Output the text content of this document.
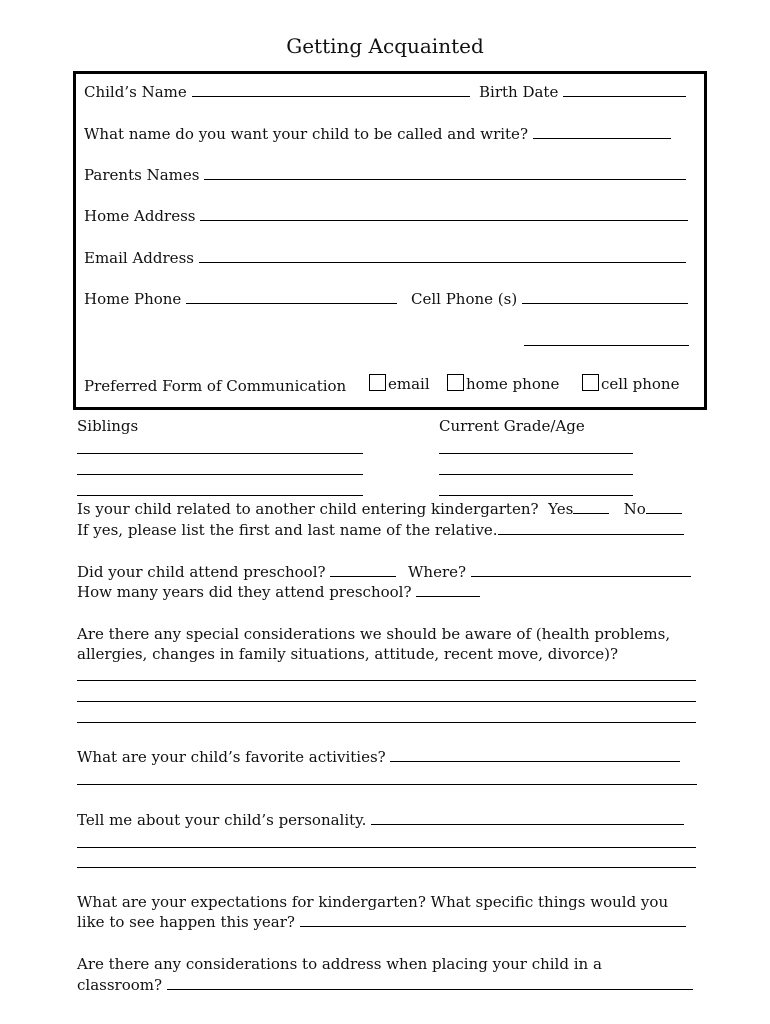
Getting Acquainted
Child’s Name	Birth Date
What name do you want your child to be called and write?
Parents Names
Home Address
Email Address
Home Phone	Cell Phone (s)
Preferred Form of Communication	email	home phone	cell phone
Siblings	Current Grade/Age
Is your child related to another child entering kindergarten? Yes	No
If yes, please list the first and last name of the relative.
Did your child attend preschool?	Where?
How many years did they attend preschool?
Are there any special considerations we should be aware of (health problems,
allergies, changes in family situations, attitude, recent move, divorce)?
What are your child’s favorite activities?
Tell me about your child’s personality.
What are your expectations for kindergarten? What specific things would you
like to see happen this year?
Are there any considerations to address when placing your child in a
classroom?
